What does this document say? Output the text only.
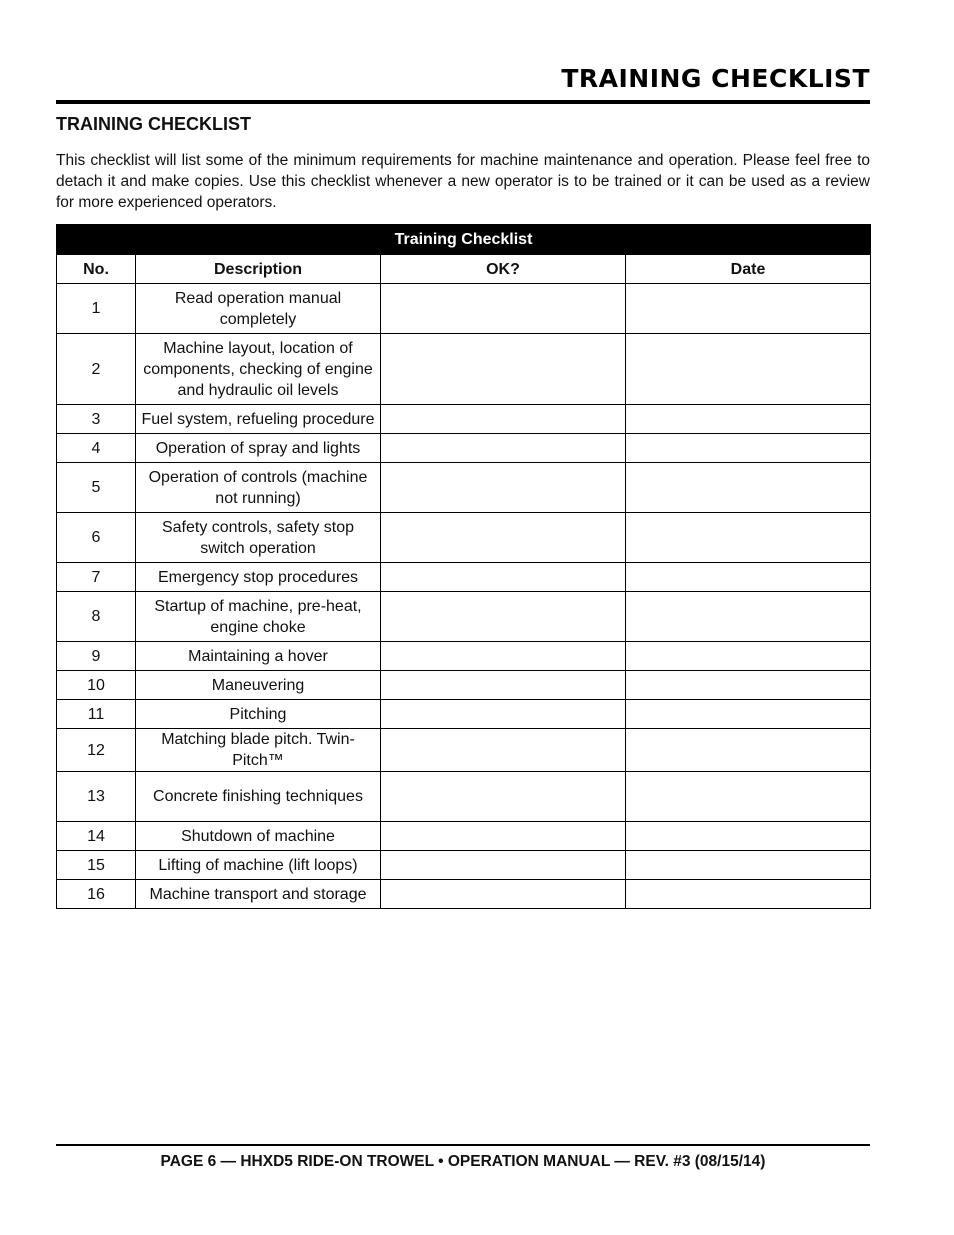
TRAINING CHECKLIST
TRAINING CHECKLIST
This checklist will list some of the minimum requirements for machine maintenance and operation. Please feel free to detach it and make copies. Use this checklist whenever a new operator is to be trained or it can be used as a review for more experienced operators.
Training Checklist			
No.	Description	OK?	Date
1	Read operation manual completely		
2	Machine layout, location of components, checking of engine and hydraulic oil levels		
3	Fuel system, refueling procedure		
4	Operation of spray and lights		
5	Operation of controls (machine not running)		
6	Safety controls, safety stop switch operation		
7	Emergency stop procedures		
8	Startup of machine, pre-heat, engine choke		
9	Maintaining a hover		
10	Maneuvering		
11	Pitching		
12	Matching blade pitch. Twin-Pitch™		
13	Concrete finishing techniques		
14	Shutdown of machine		
15	Lifting of machine (lift loops)		
16	Machine transport and storage		
PAGE 6 — HHXD5 RIDE-ON TROWEL • OPERATION MANUAL — REV. #3 (08/15/14)
